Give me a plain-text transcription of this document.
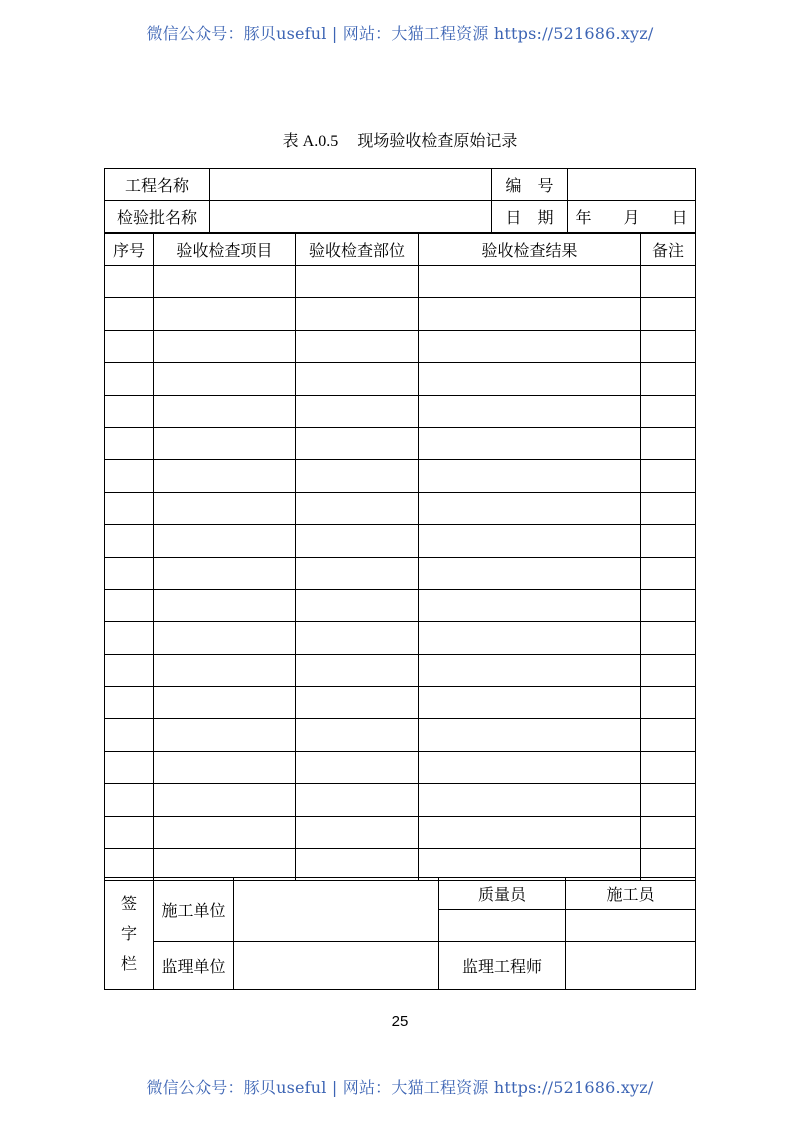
微信公众号：豚贝useful | 网站：大猫工程资源 https://521686.xyz/
表 A.0.5 现场验收检查原始记录
工程名称		编　号	
检验批名称		日　期	年　　月　　日
序号	验收检查项目	验收检查部位	验收检查结果	备注

签字栏	施工单位		质量员	施工员

	监理单位		监理工程师	
25
微信公众号：豚贝useful | 网站：大猫工程资源 https://521686.xyz/
